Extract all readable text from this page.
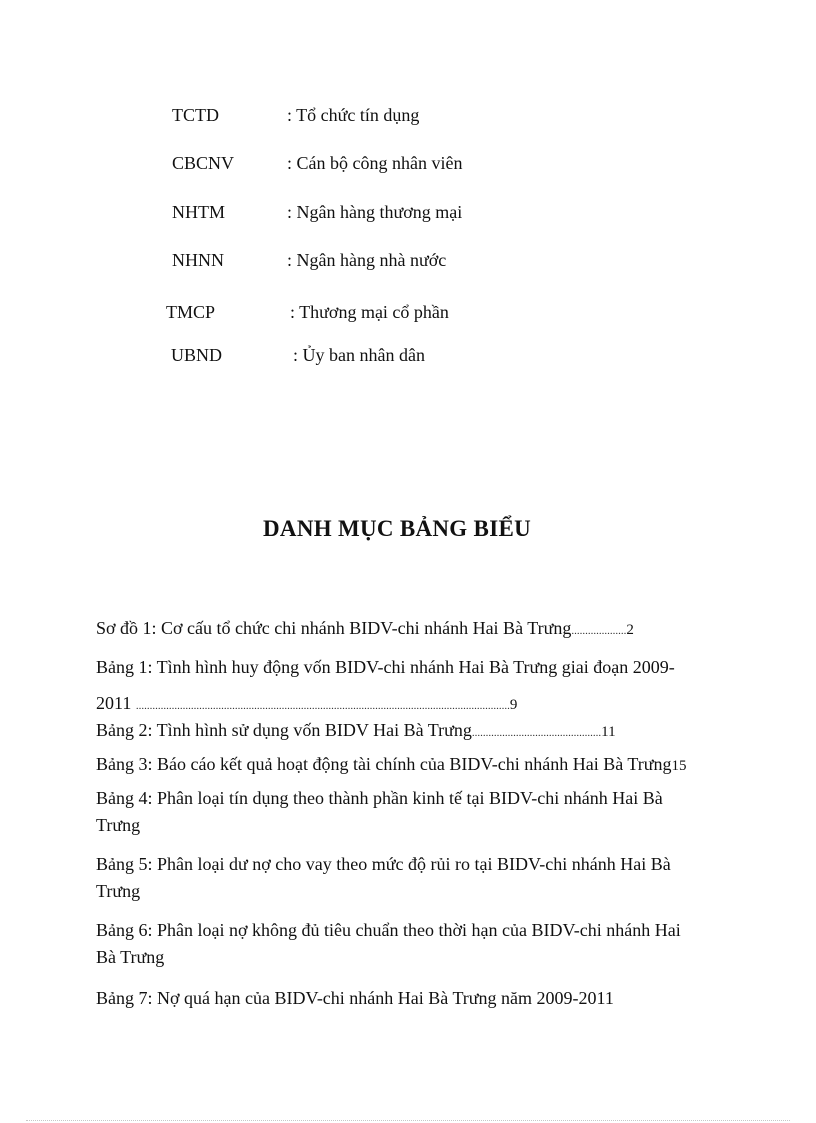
TCTD	: Tổ chức tín dụng
CBCNV	: Cán bộ công nhân viên
NHTM	: Ngân hàng thương mại
NHNN	: Ngân hàng nhà nước
TMCP	: Thương mại cổ phần
UBND	: Ủy ban nhân dân
DANH MỤC BẢNG BIỂU
Sơ đồ 1: Cơ cấu tổ chức chi nhánh BIDV-chi nhánh Hai Bà Trưng....................2
Bảng 1: Tình hình huy động vốn BIDV-chi nhánh Hai Bà Trưng giai đoạn 2009-
2011 ........................................................................................................................................9
Bảng 2: Tình hình sử dụng vốn BIDV Hai Bà Trưng...............................................11
Bảng 3: Báo cáo kết quả hoạt động tài chính của BIDV-chi nhánh Hai Bà Trưng15
Bảng 4: Phân loại tín dụng theo thành phần kinh tế tại BIDV-chi nhánh Hai Bà
Trưng
Bảng 5: Phân loại dư nợ cho vay theo mức độ rủi ro tại BIDV-chi nhánh Hai Bà
Trưng
Bảng 6: Phân loại nợ không đủ tiêu chuẩn theo thời hạn của BIDV-chi nhánh Hai
Bà Trưng
Bảng 7: Nợ quá hạn của BIDV-chi nhánh Hai Bà Trưng năm 2009-2011
